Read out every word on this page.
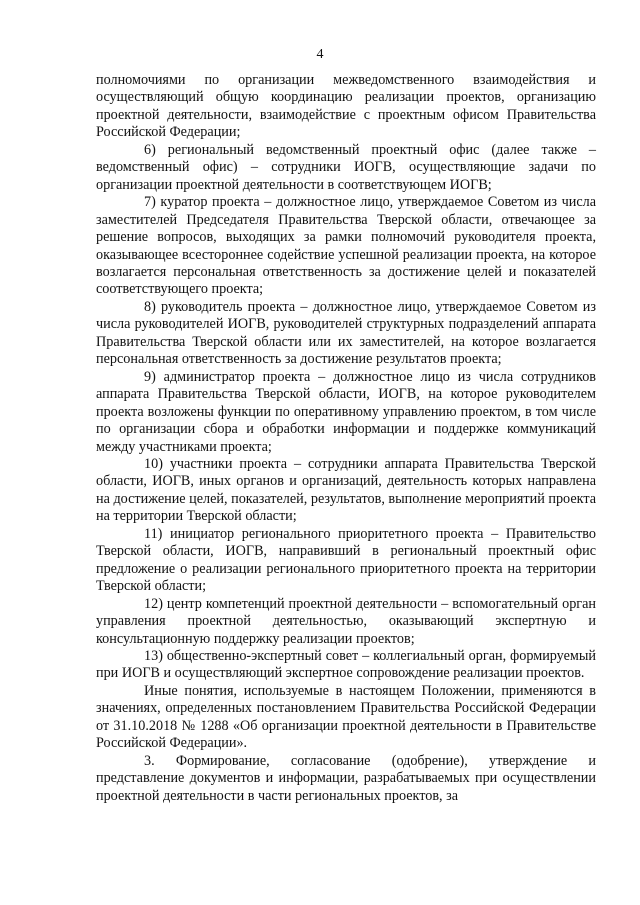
4

полномочиями по организации межведомственного взаимодействия и осуществляющий общую координацию реализации проектов, организацию проектной деятельности, взаимодействие с проектным офисом Правительства Российской Федерации;

6) региональный ведомственный проектный офис (далее также – ведомственный офис) – сотрудники ИОГВ, осуществляющие задачи по организации проектной деятельности в соответствующем ИОГВ;

7) куратор проекта – должностное лицо, утверждаемое Советом из числа заместителей Председателя Правительства Тверской области, отвечающее за решение вопросов, выходящих за рамки полномочий руководителя проекта, оказывающее всестороннее содействие успешной реализации проекта, на которое возлагается персональная ответственность за достижение целей и показателей соответствующего проекта;

8) руководитель проекта – должностное лицо, утверждаемое Советом из числа руководителей ИОГВ, руководителей структурных подразделений аппарата Правительства Тверской области или их заместителей, на которое возлагается персональная ответственность за достижение результатов проекта;

9) администратор проекта – должностное лицо из числа сотрудников аппарата Правительства Тверской области, ИОГВ, на которое руководителем проекта возложены функции по оперативному управлению проектом, в том числе по организации сбора и обработки информации и поддержке коммуникаций между участниками проекта;

10) участники проекта – сотрудники аппарата Правительства Тверской области, ИОГВ, иных органов и организаций, деятельность которых направлена на достижение целей, показателей, результатов, выполнение мероприятий проекта на территории Тверской области;

11) инициатор регионального приоритетного проекта – Правительство Тверской области, ИОГВ, направивший в региональный проектный офис предложение о реализации регионального приоритетного проекта на территории Тверской области;

12) центр компетенций проектной деятельности – вспомогательный орган управления проектной деятельностью, оказывающий экспертную и консультационную поддержку реализации проектов;

13) общественно-экспертный совет – коллегиальный орган, формируемый при ИОГВ и осуществляющий экспертное сопровождение реализации проектов.

Иные понятия, используемые в настоящем Положении, применяются в значениях, определенных постановлением Правительства Российской Федерации от 31.10.2018 № 1288 «Об организации проектной деятельности в Правительстве Российской Федерации».

3. Формирование, согласование (одобрение), утверждение и представление документов и информации, разрабатываемых при осуществлении проектной деятельности в части региональных проектов, за
